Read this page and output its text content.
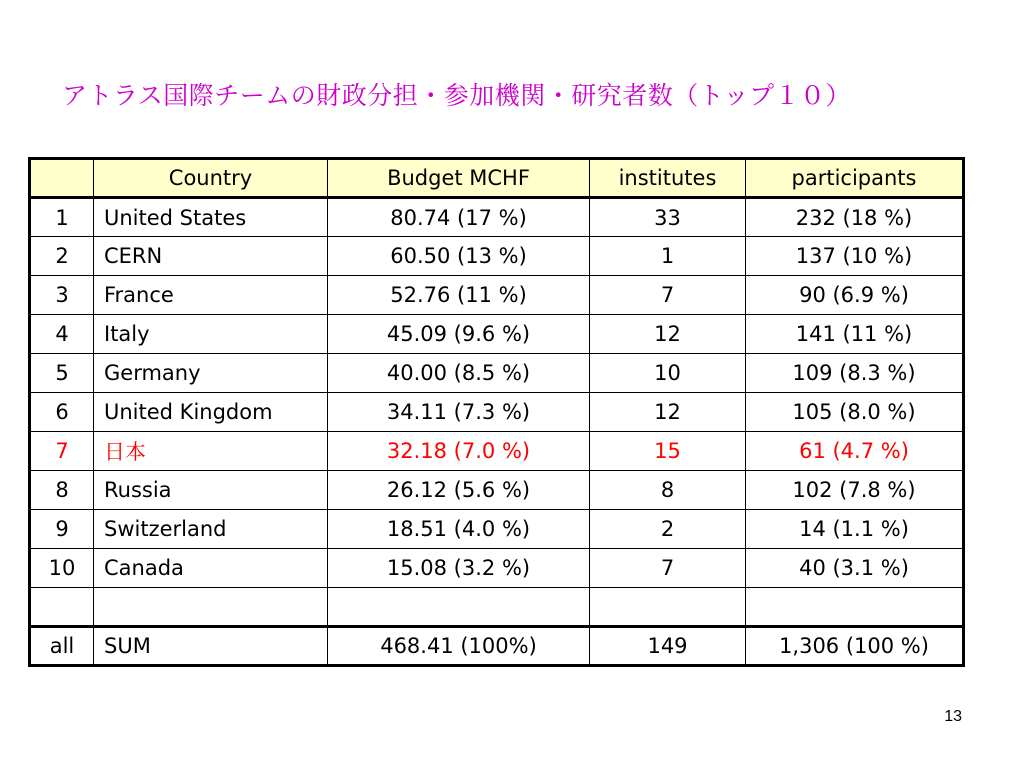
アトラス国際チームの財政分担・参加機関・研究者数（トップ１０）
	Country	Budget MCHF	institutes	participants
1	United States	80.74 (17 %)	33	232 (18 %)
2	CERN	60.50 (13 %)	1	137 (10 %)
3	France	52.76 (11 %)	7	90 (6.9 %)
4	Italy	45.09 (9.6 %)	12	141 (11 %)
5	Germany	40.00 (8.5 %)	10	109 (8.3 %)
6	United Kingdom	34.11 (7.3 %)	12	105 (8.0 %)
7	日本	32.18 (7.0 %)	15	61 (4.7 %)
8	Russia	26.12 (5.6 %)	8	102 (7.8 %)
9	Switzerland	18.51 (4.0 %)	2	14 (1.1 %)
10	Canada	15.08 (3.2 %)	7	40 (3.1 %)

all	SUM	468.41 (100%)	149	1,306 (100 %)
13
